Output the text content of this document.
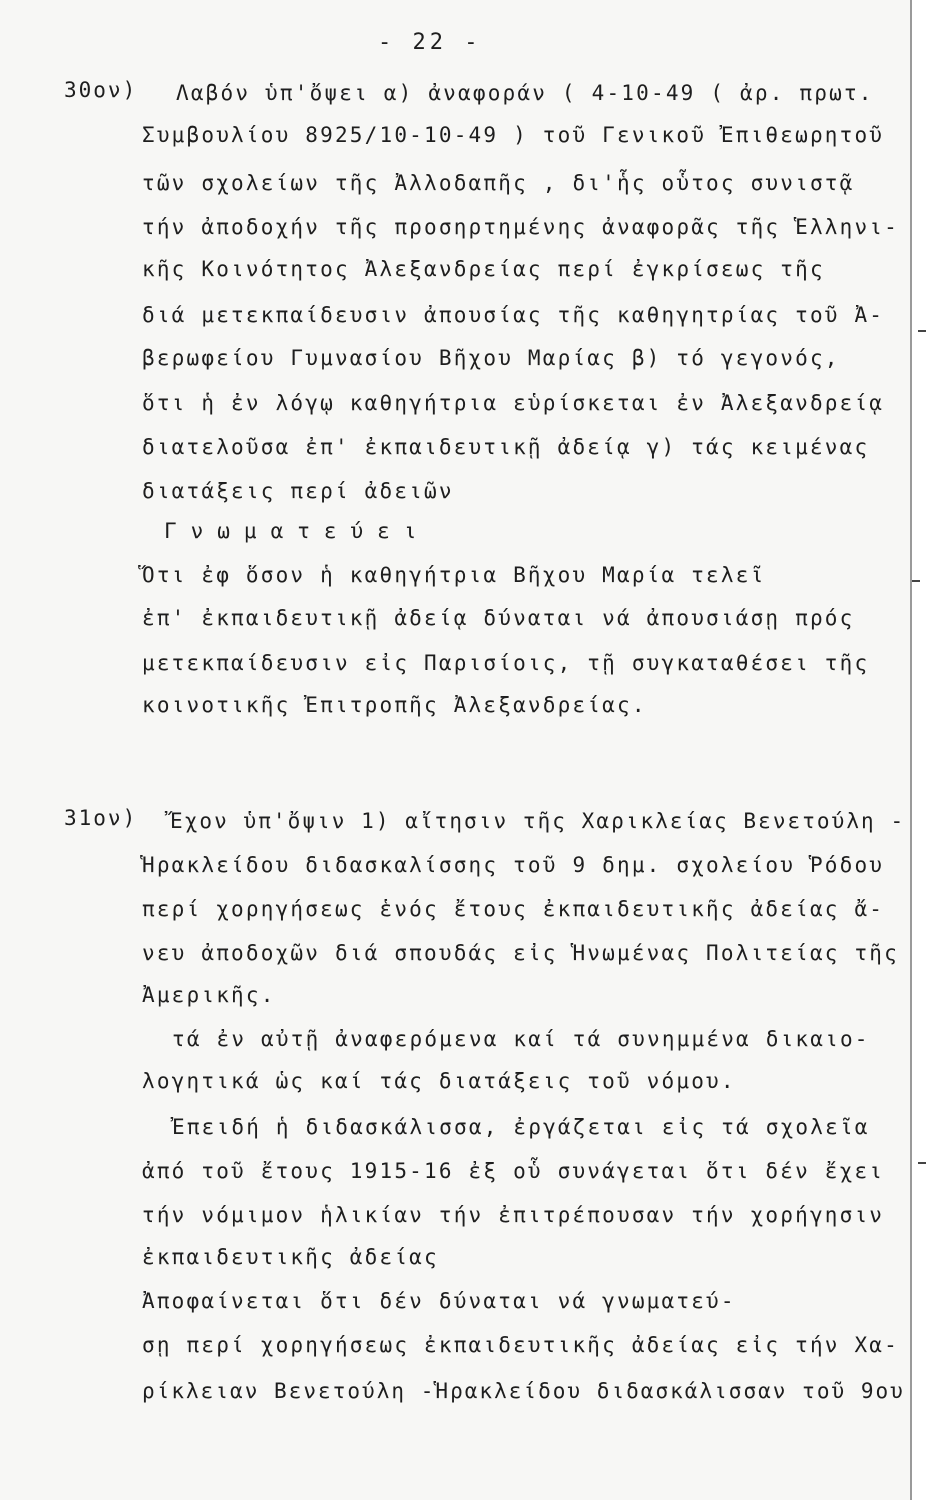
- 22 -
30ον) Λαβόν ὑπ'ὄψει α) ἀναφοράν ( 4-10-49 ( ἀρ. πρωτ.
Συμβουλίου 8925/10-10-49 ) τοῦ Γενικοῦ Ἐπιθεωρητοῦ
τῶν σχολείων τῆς Ἀλλοδαπῆς , δι'ἧς οὗτος συνιστᾷ
τήν ἀποδοχήν τῆς προσηρτημένης ἀναφορᾶς τῆς Ἑλληνι-
κῆς Κοινότητος Ἀλεξανδρείας περί ἐγκρίσεως τῆς
διά μετεκπαίδευσιν ἀπουσίας τῆς καθηγητρίας τοῦ Ἀ-
βερωφείου Γυμνασίου Βῆχου Μαρίας β) τό γεγονός,
ὅτι ἡ ἐν λόγῳ καθηγήτρια εὑρίσκεται ἐν Ἀλεξανδρείᾳ
διατελοῦσα ἐπ' ἐκπαιδευτικῇ ἀδείᾳ γ) τάς κειμένας
διατάξεις περί ἀδειῶν
Γνωματεύει
Ὅτι ἐφ ὅσον ἡ καθηγήτρια Βῆχου Μαρία τελεῖ
ἐπ' ἐκπαιδευτικῇ ἀδείᾳ δύναται νά ἀπουσιάσῃ πρός
μετεκπαίδευσιν εἰς Παρισίοις, τῇ συγκαταθέσει τῆς
κοινοτικῆς Ἐπιτροπῆς Ἀλεξανδρείας.
31ον) Ἔχον ὑπ'ὄψιν 1) αἴτησιν τῆς Χαρικλείας Βενετούλη -
Ἡρακλείδου διδασκαλίσσης τοῦ 9 δημ. σχολείου Ῥόδου
περί χορηγήσεως ἑνός ἔτους ἐκπαιδευτικῆς ἀδείας ἄ-
νευ ἀποδοχῶν διά σπουδάς εἰς Ἡνωμένας Πολιτείας τῆς
Ἀμερικῆς.
τά ἐν αὐτῇ ἀναφερόμενα καί τά συνημμένα δικαιο-
λογητικά ὡς καί τάς διατάξεις τοῦ νόμου.
Ἐπειδή ἡ διδασκάλισσα, ἐργάζεται εἰς τά σχολεῖα
ἀπό τοῦ ἔτους 1915-16 ἐξ οὗ συνάγεται ὅτι δέν ἔχει
τήν νόμιμον ἡλικίαν τήν ἐπιτρέπουσαν τήν χορήγησιν
ἐκπαιδευτικῆς ἀδείας
Ἀποφαίνεται ὅτι δέν δύναται νά γνωματεύ-
σῃ περί χορηγήσεως ἐκπαιδευτικῆς ἀδείας εἰς τήν Χα-
ρίκλειαν Βενετούλη -Ἡρακλείδου διδασκάλισσαν τοῦ 9ου
